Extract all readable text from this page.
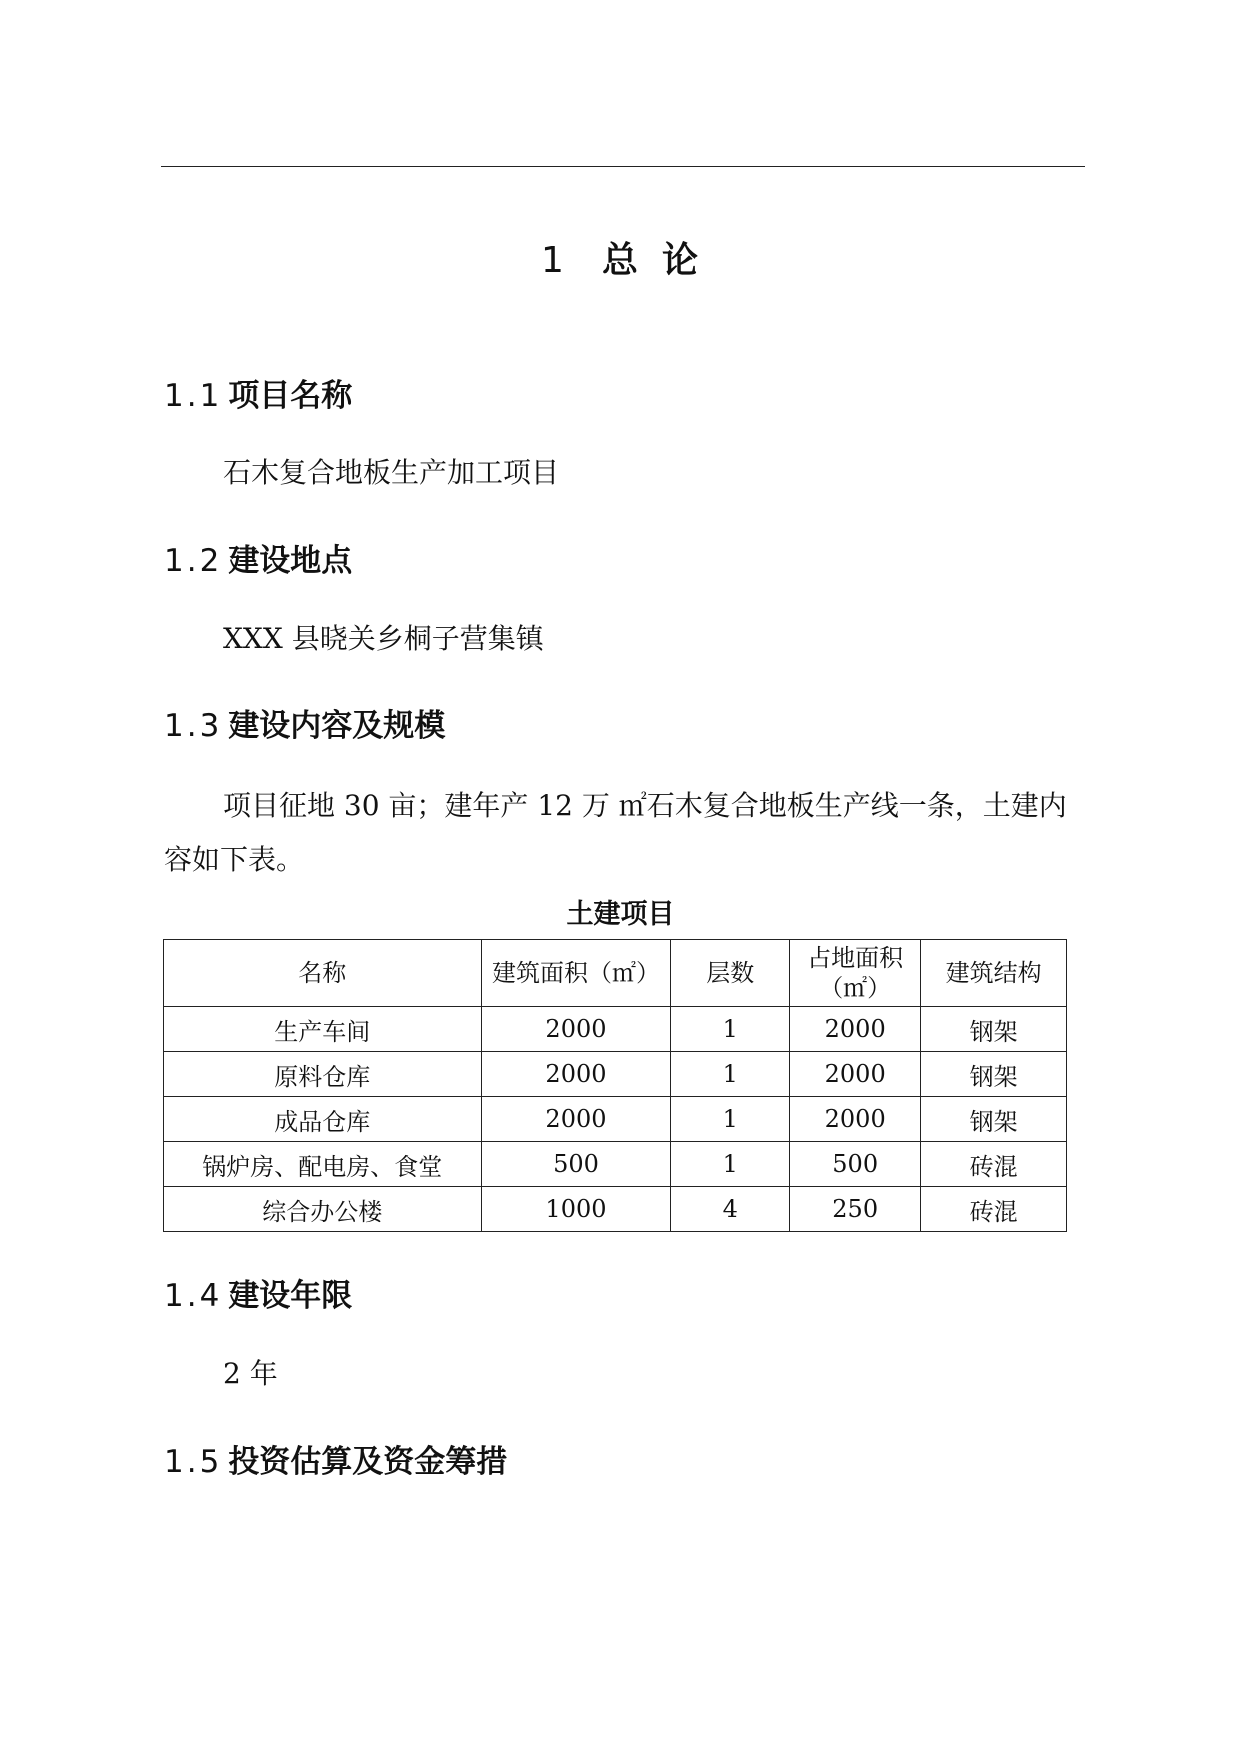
1 总 论
1.1 项目名称
石木复合地板生产加工项目
1.2 建设地点
XXX 县晓关乡桐子营集镇
1.3 建设内容及规模
项目征地 30 亩；建年产 12 万 ㎡石木复合地板生产线一条，土建内
容如下表。
土建项目
名称	建筑面积（㎡）	层数	占地面积（㎡）	建筑结构
生产车间	2000	1	2000	钢架
原料仓库	2000	1	2000	钢架
成品仓库	2000	1	2000	钢架
锅炉房、配电房、食堂	500	1	500	砖混
综合办公楼	1000	4	250	砖混
1.4 建设年限
2 年
1.5 投资估算及资金筹措
